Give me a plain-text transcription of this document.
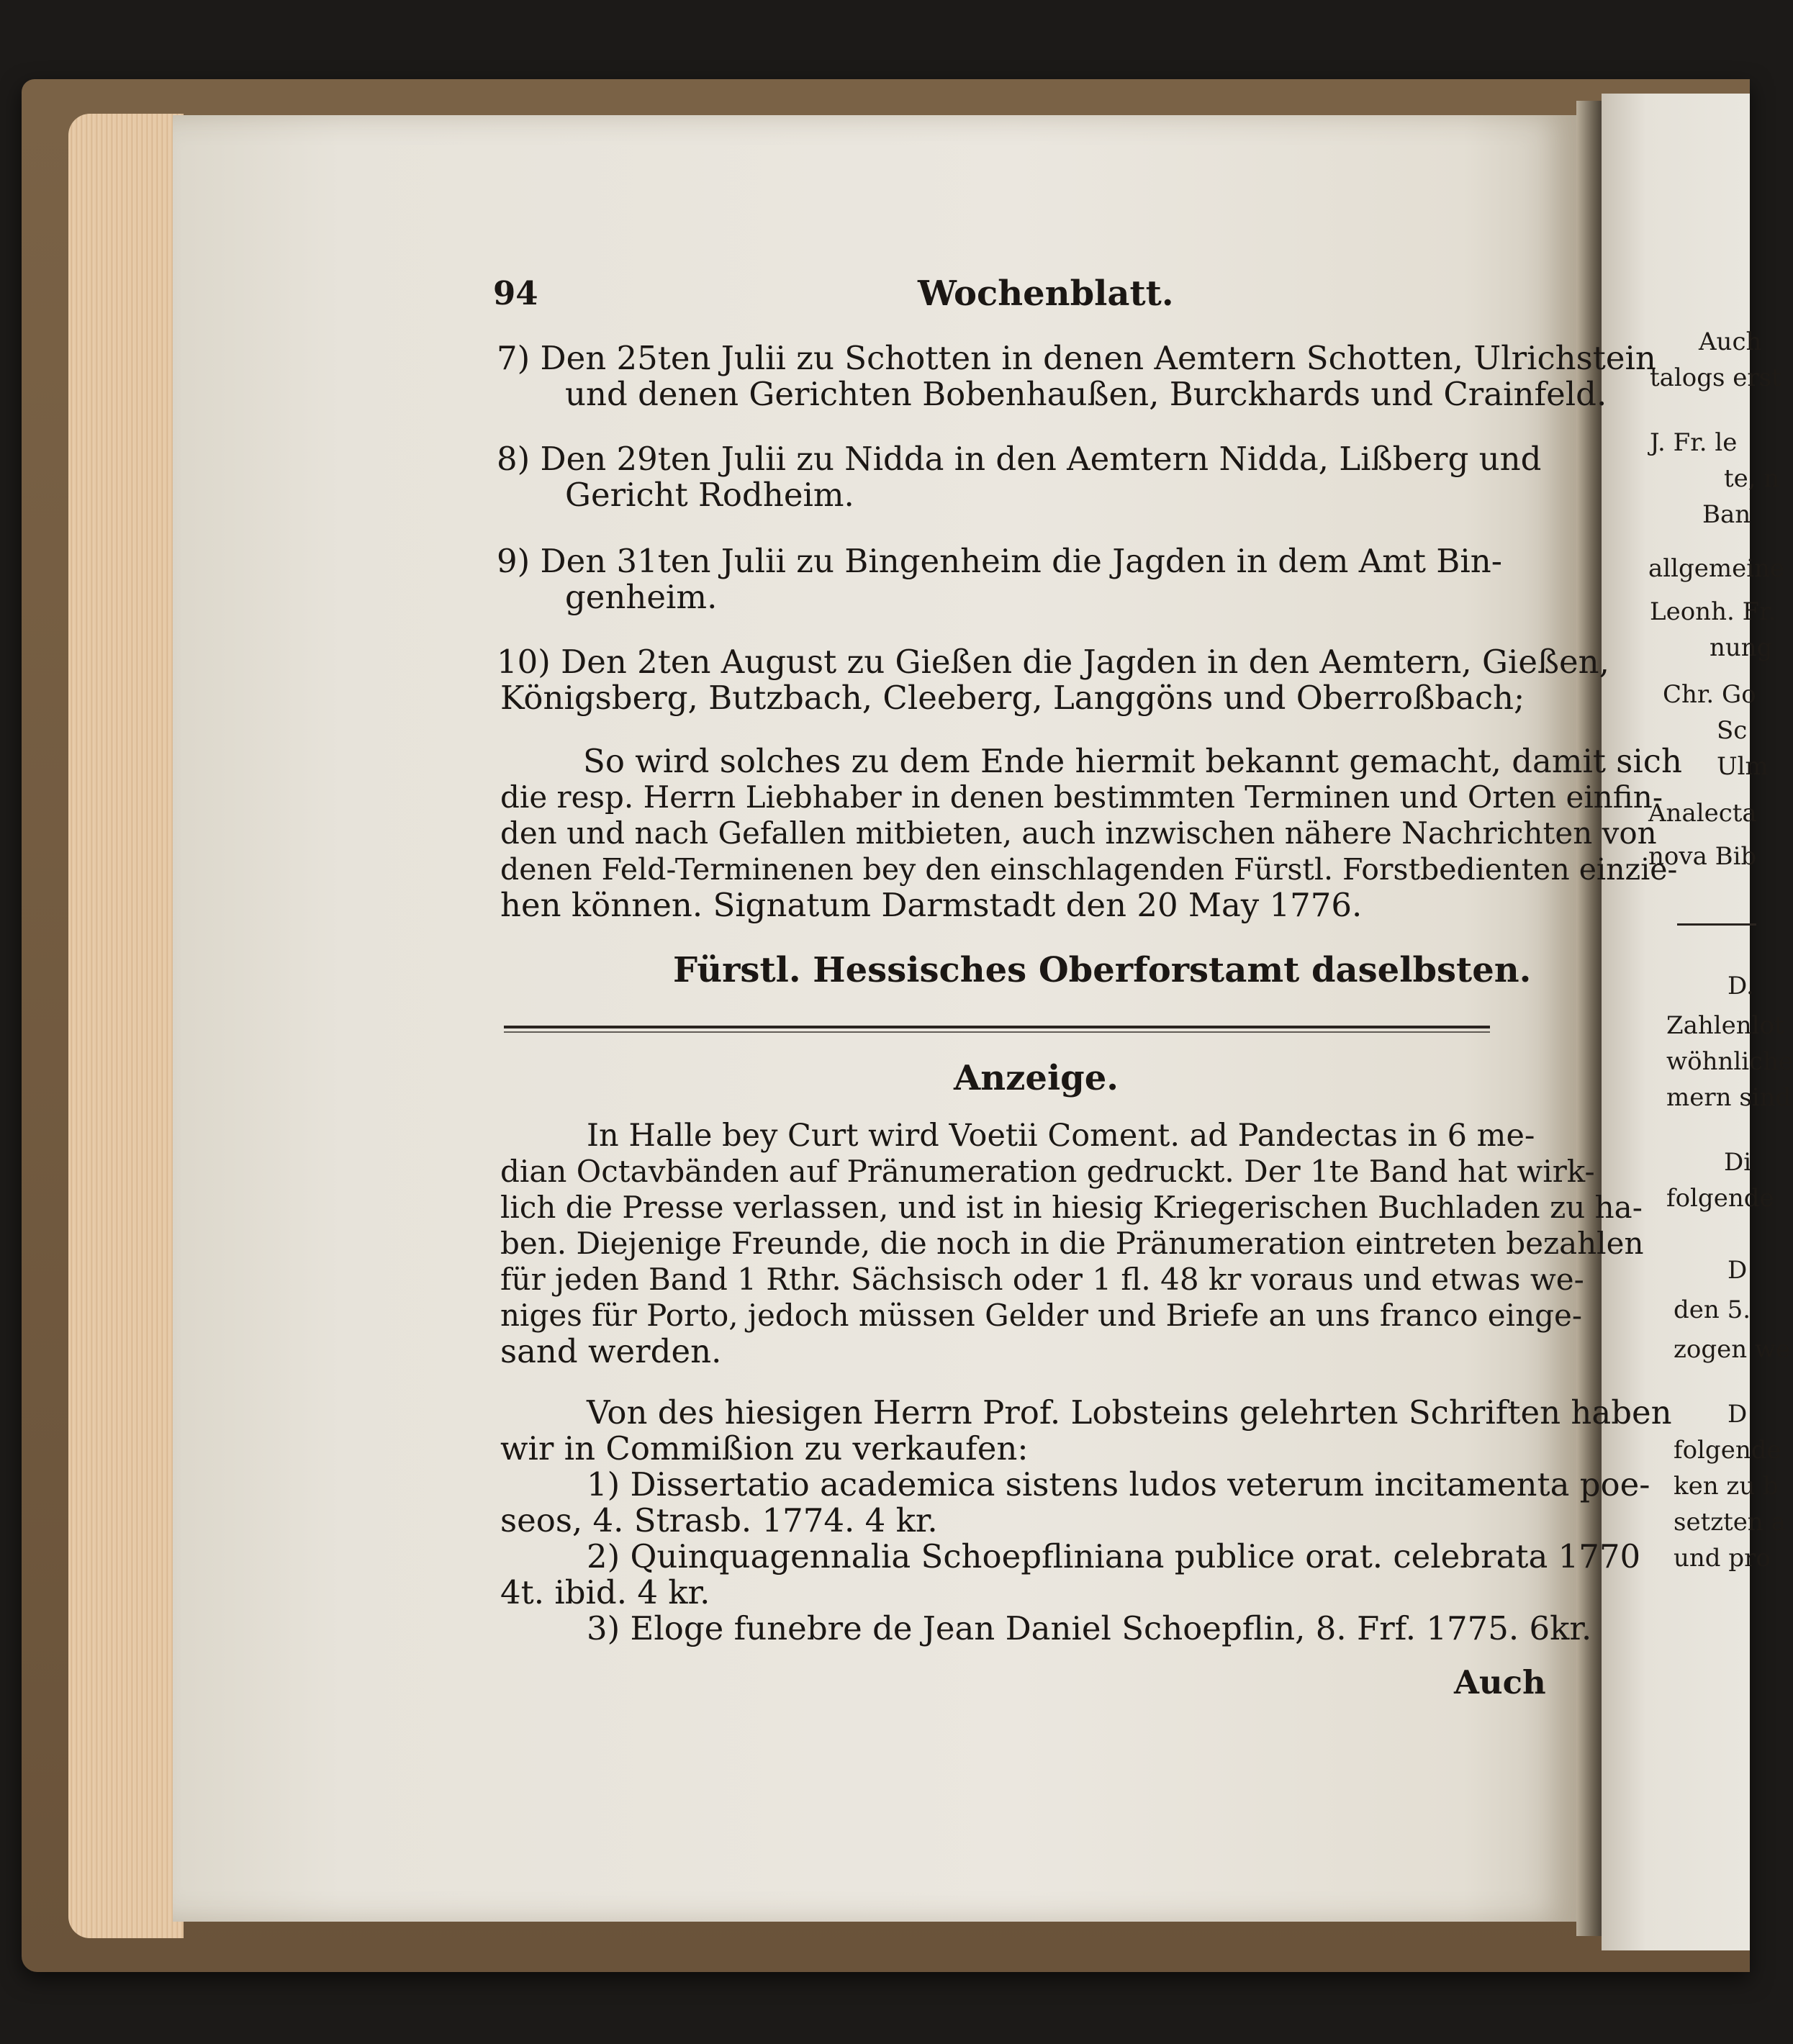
94	Wochenblatt.
7) Den 25ten Julii zu Schotten in denen Aemtern Schotten, Ulrichstein
und denen Gerichten Bobenhaußen, Burckhards und Crainfeld.
8) Den 29ten Julii zu Nidda in den Aemtern Nidda, Lißberg und
Gericht Rodheim.
9) Den 31ten Julii zu Bingenheim die Jagden in dem Amt Bin-
genheim.
10) Den 2ten August zu Gießen die Jagden in den Aemtern, Gießen,
Königsberg, Butzbach, Cleeberg, Langgöns und Oberroßbach;
So wird solches zu dem Ende hiermit bekannt gemacht, damit sich
die resp. Herrn Liebhaber in denen bestimmten Terminen und Orten einfin-
den und nach Gefallen mitbieten, auch inzwischen nähere Nachrichten von
denen Feld-Terminenen bey den einschlagenden Fürstl. Forstbedienten einzie-
hen können. Signatum Darmstadt den 20 May 1776.
Fürstl. Hessisches Oberforstamt daselbsten.
Anzeige.
In Halle bey Curt wird Voetii Coment. ad Pandectas in 6 me-
dian Octavbänden auf Pränumeration gedruckt. Der 1te Band hat wirk-
lich die Presse verlassen, und ist in hiesig Kriegerischen Buchladen zu ha-
ben. Diejenige Freunde, die noch in die Pränumeration eintreten bezahlen
für jeden Band 1 Rthr. Sächsisch oder 1 fl. 48 kr voraus und etwas we-
niges für Porto, jedoch müssen Gelder und Briefe an uns franco einge-
sand werden.
Von des hiesigen Herrn Prof. Lobsteins gelehrten Schriften haben
wir in Commißion zu verkaufen:
1) Dissertatio academica sistens ludos veterum incitamenta poe-
seos, 4. Strasb. 1774. 4 kr.
2) Quinquagennalia Schoepfliniana publice orat. celebrata 1770
4t. ibid. 4 kr.
3) Eloge funebre de Jean Daniel Schoepflin, 8. Frf. 1775. 6kr.
Auch
Auch
talogs erst
J. Fr. le
te, n
Ban
allgemeine
Leonh. Fr.
nung
Chr. Go
Sc
Ulm
Analecta
nova Bib
D.
Zahlenlot
wöhnliche
mern sind
Di
folgende
D
den 5.
zogen we
D
folgende
ken zu b
setzten a
und pro
